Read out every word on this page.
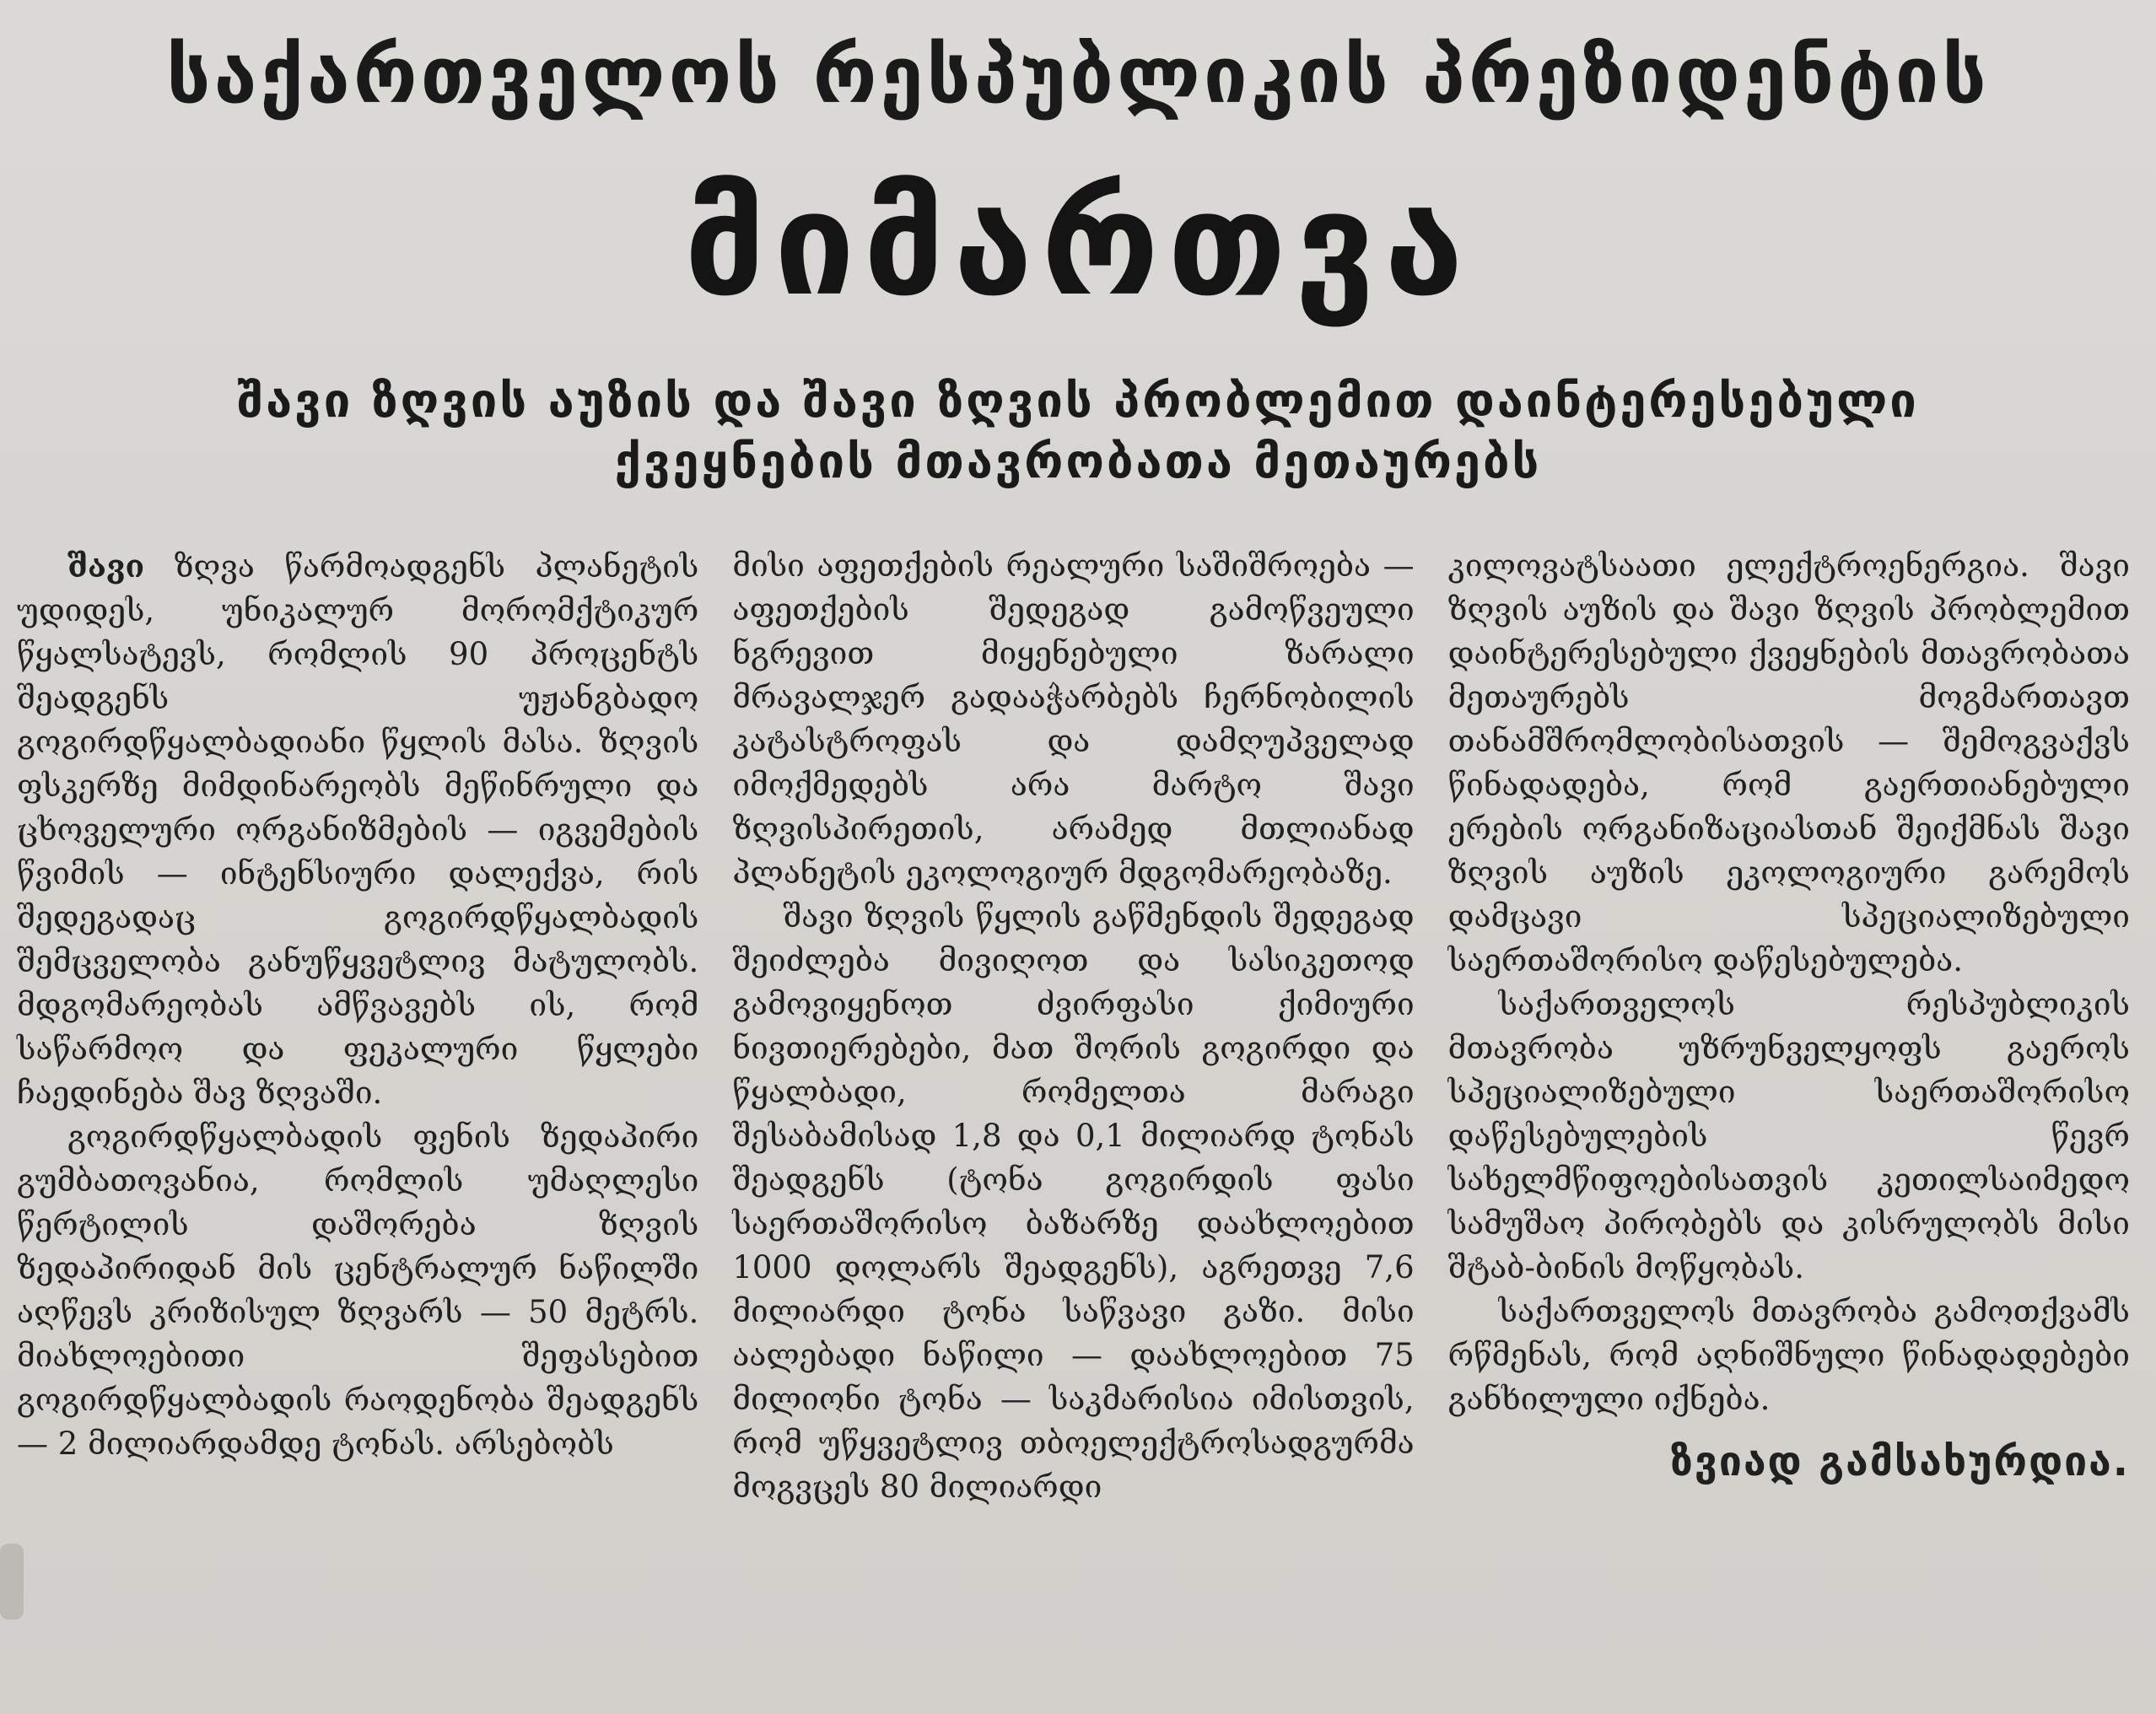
საქართველოს რესპუბლიკის პრეზიდენტის
მიმართვა
შავი ზღვის აუზის და შავი ზღვის პრობლემით დაინტერესებული
ქვეყნების მთავრობათა მეთაურებს

შავი ზღვა წარმოადგენს პლანეტის უდიდეს, უნიკალურ მორომქტიკურ წყალსატევს, რომლის 90 პროცენტს შეადგენს უჟანგბადო გოგირდწყალბადიანი წყლის მასა. ზღვის ფსკერზე მიმდინარეობს მეწინრული და ცხოველური ორგანიზმების — იგვემების წვიმის — ინტენსიური დალექვა, რის შედეგადაც გოგირდწყალბადის შემცველობა განუწყვეტლივ მატულობს. მდგომარეობას ამწვავებს ის, რომ საწარმოო და ფეკალური წყლები ჩაედინება შავ ზღვაში.

გოგირდწყალბადის ფენის ზედაპირი გუმბათოვანია, რომლის უმაღლესი წერტილის დაშორება ზღვის ზედაპირიდან მის ცენტრალურ ნაწილში აღწევს კრიზისულ ზღვარს — 50 მეტრს. მიახლოებითი შეფასებით გოგირდწყალბადის რაოდენობა შეადგენს — 2 მილიარდამდე ტონას. არსებობს

მისი აფეთქების რეალური საშიშროება — აფეთქების შედეგად გამოწვეული ნგრევით მიყენებული ზარალი მრავალჯერ გადააჭარბებს ჩერნობილის კატასტროფას და დამღუპველად იმოქმედებს არა მარტო შავი ზღვისპირეთის, არამედ მთლიანად პლანეტის ეკოლოგიურ მდგომარეობაზე.

შავი ზღვის წყლის გაწმენდის შედეგად შეიძლება მივიღოთ და სასიკეთოდ გამოვიყენოთ ძვირფასი ქიმიური ნივთიერებები, მათ შორის გოგირდი და წყალბადი, რომელთა მარაგი შესაბამისად 1,8 და 0,1 მილიარდ ტონას შეადგენს (ტონა გოგირდის ფასი საერთაშორისო ბაზარზე დაახლოებით 1000 დოლარს შეადგენს), აგრეთვე 7,6 მილიარდი ტონა საწვავი გაზი. მისი აალებადი ნაწილი — დაახლოებით 75 მილიონი ტონა — საკმარისია იმისთვის, რომ უწყვეტლივ თბოელექტროსადგურმა მოგვცეს 80 მილიარდი

კილოვატსაათი ელექტროენერგია. შავი ზღვის აუზის და შავი ზღვის პრობლემით დაინტერესებული ქვეყნების მთავრობათა მეთაურებს მოგმართავთ თანამშრომლობისათვის — შემოგვაქვს წინადადება, რომ გაერთიანებული ერების ორგანიზაციასთან შეიქმნას შავი ზღვის აუზის ეკოლოგიური გარემოს დამცავი სპეციალიზებული საერთაშორისო დაწესებულება.

საქართველოს რესპუბლიკის მთავრობა უზრუნველყოფს გაეროს სპეციალიზებული საერთაშორისო დაწესებულების წევრ სახელმწიფოებისათვის კეთილსაიმედო სამუშაო პირობებს და კისრულობს მისი შტაბ-ბინის მოწყობას.

საქართველოს მთავრობა გამოთქვამს რწმენას, რომ აღნიშნული წინადადებები განხილული იქნება.

ზვიად გამსახურდია.
